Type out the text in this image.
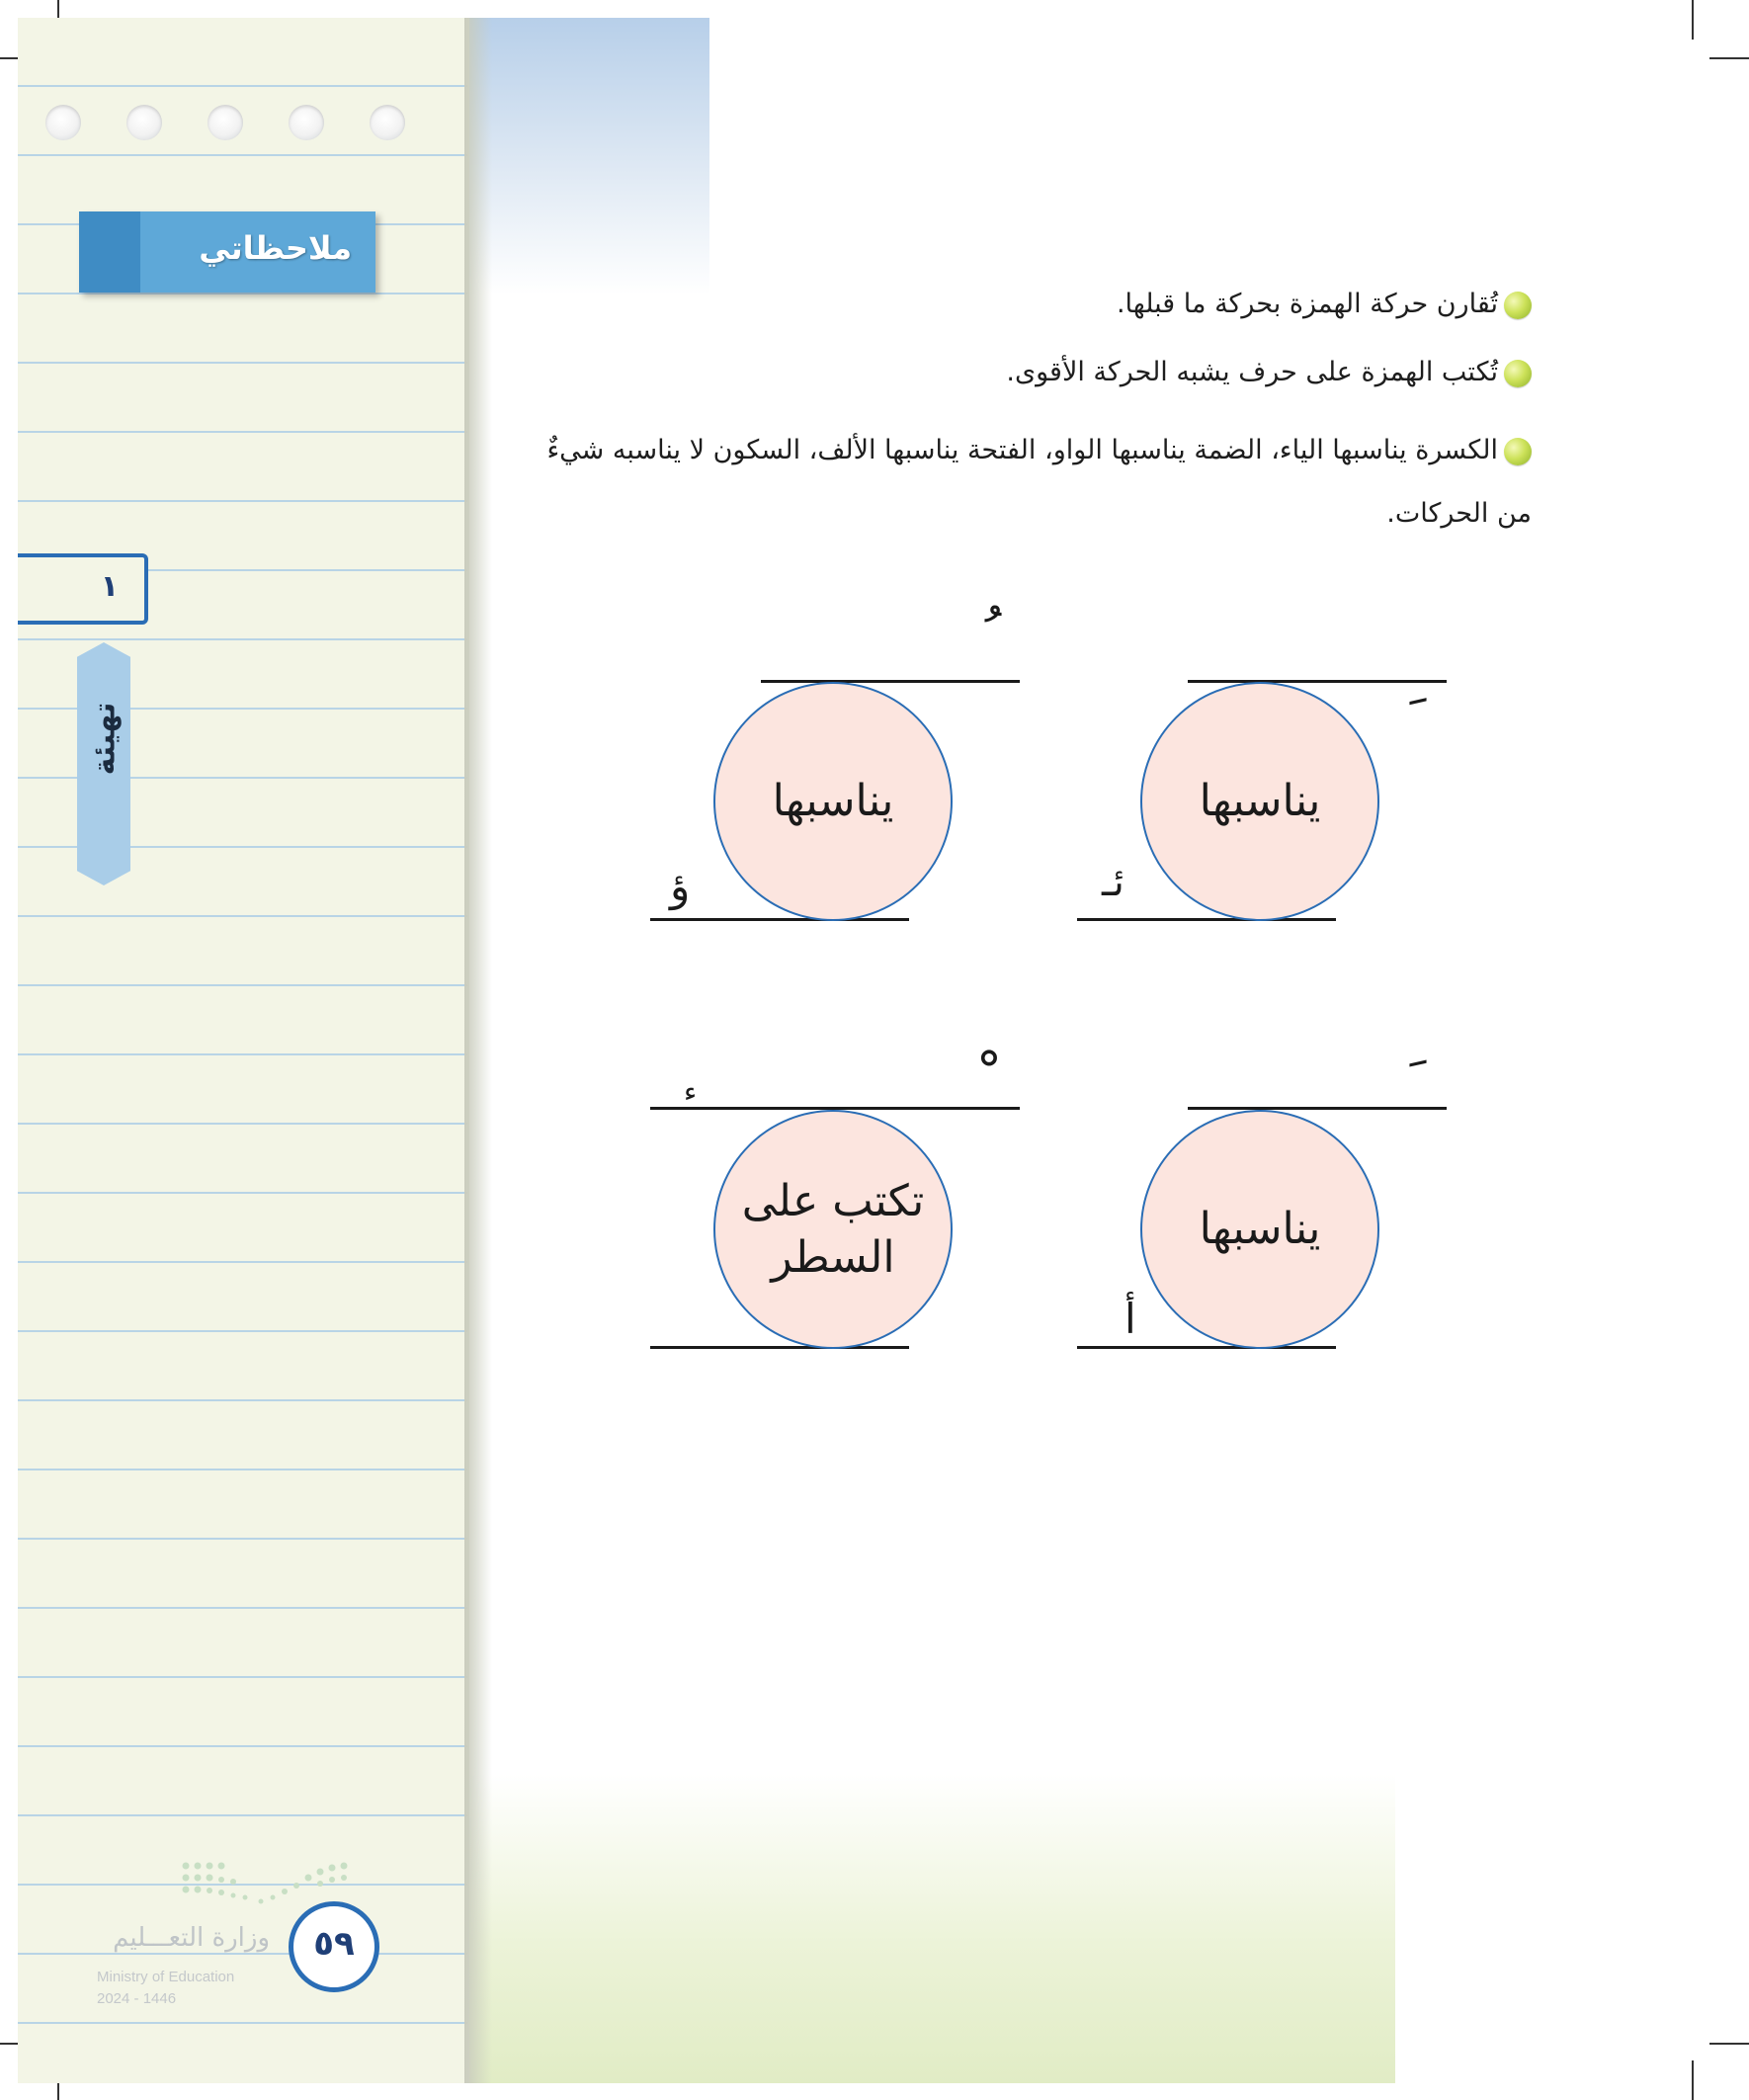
ملاحظاتي
١
تهيئة
٥٩
وزارة التعـــليم
Ministry of Education
2024 - 1446
تُقارن حركة الهمزة بحركة ما قبلها.
تُكتب الهمزة على حرف يشبه الحركة الأقوى.
الكسرة يناسبها الياء، الضمة يناسبها الواو، الفتحة يناسبها الألف، السكون لا يناسبه شيءٌ من الحركات.
يناسبها
ئـ
يناسبها
ؤ
يناسبها
أ
تكتب على
السطر
ء
